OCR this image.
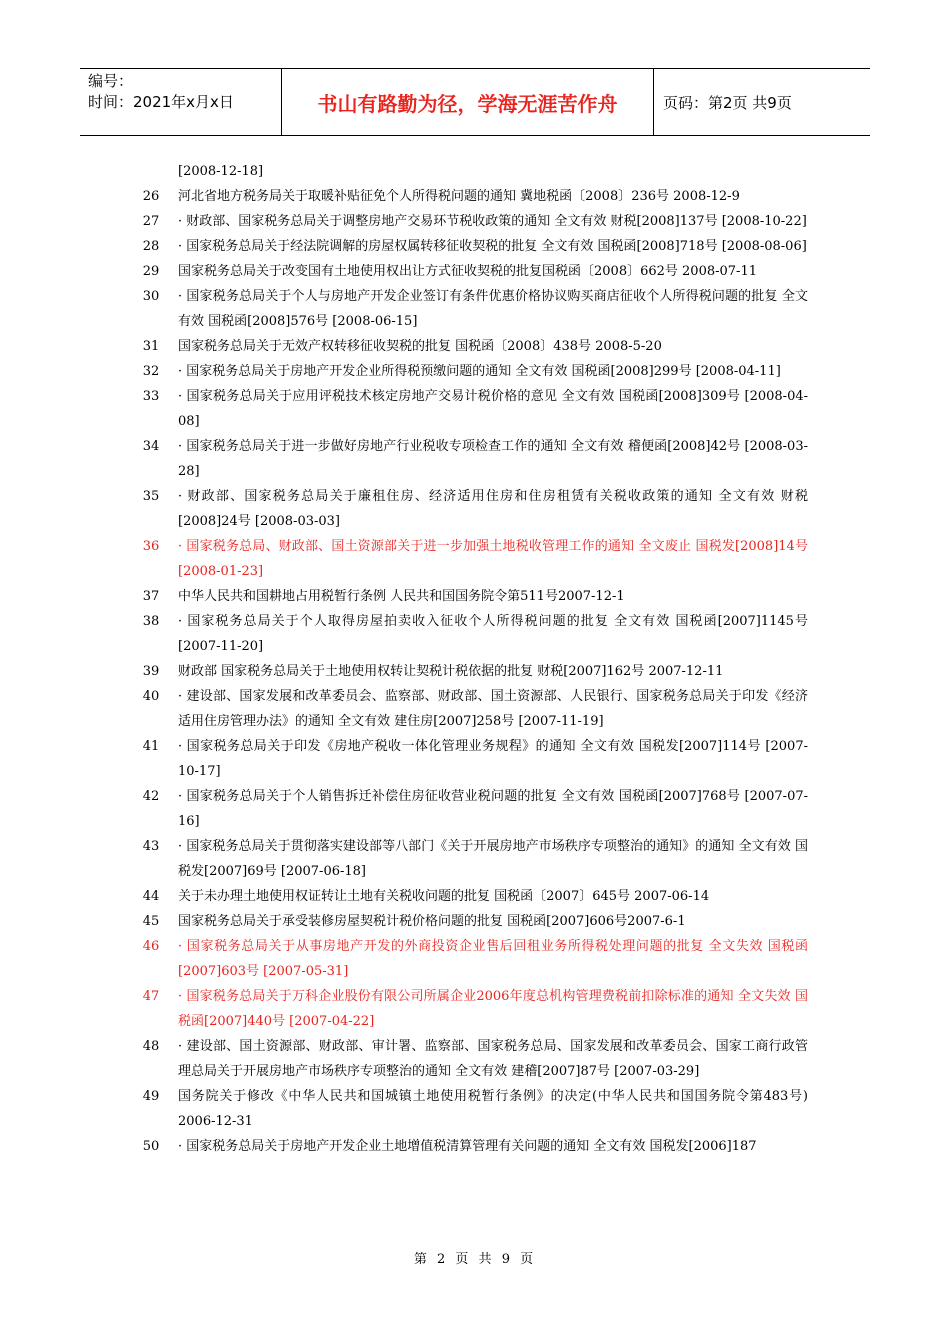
编号：
时间：2021年x月x日	书山有路勤为径，学海无涯苦作舟	页码：第2页 共9页
[2008-12-18]
26	河北省地方税务局关于取暖补贴征免个人所得税问题的通知 冀地税函〔2008〕236号 2008-12-9
27	· 财政部、国家税务总局关于调整房地产交易环节税收政策的通知 全文有效 财税[2008]137号 [2008-10-22]
28	· 国家税务总局关于经法院调解的房屋权属转移征收契税的批复 全文有效 国税函[2008]718号 [2008-08-06]
29	国家税务总局关于改变国有土地使用权出让方式征收契税的批复国税函〔2008〕662号 2008-07-11
30	· 国家税务总局关于个人与房地产开发企业签订有条件优惠价格协议购买商店征收个人所得税问题的批复 全文有效 国税函[2008]576号 [2008-06-15]
31	国家税务总局关于无效产权转移征收契税的批复 国税函〔2008〕438号 2008-5-20
32	· 国家税务总局关于房地产开发企业所得税预缴问题的通知 全文有效 国税函[2008]299号 [2008-04-11]
33	· 国家税务总局关于应用评税技术核定房地产交易计税价格的意见 全文有效 国税函[2008]309号 [2008-04-08]
34	· 国家税务总局关于进一步做好房地产行业税收专项检查工作的通知 全文有效 稽便函[2008]42号 [2008-03-28]
35	· 财政部、国家税务总局关于廉租住房、经济适用住房和住房租赁有关税收政策的通知 全文有效 财税[2008]24号 [2008-03-03]
36	· 国家税务总局、财政部、国土资源部关于进一步加强土地税收管理工作的通知 全文废止 国税发[2008]14号 [2008-01-23]
37	中华人民共和国耕地占用税暂行条例 人民共和国国务院令第511号2007-12-1
38	· 国家税务总局关于个人取得房屋拍卖收入征收个人所得税问题的批复 全文有效 国税函[2007]1145号 [2007-11-20]
39	财政部 国家税务总局关于土地使用权转让契税计税依据的批复 财税[2007]162号 2007-12-11
40	· 建设部、国家发展和改革委员会、监察部、财政部、国土资源部、人民银行、国家税务总局关于印发《经济适用住房管理办法》的通知 全文有效 建住房[2007]258号 [2007-11-19]
41	· 国家税务总局关于印发《房地产税收一体化管理业务规程》的通知 全文有效 国税发[2007]114号 [2007-10-17]
42	· 国家税务总局关于个人销售拆迁补偿住房征收营业税问题的批复 全文有效 国税函[2007]768号 [2007-07-16]
43	· 国家税务总局关于贯彻落实建设部等八部门《关于开展房地产市场秩序专项整治的通知》的通知 全文有效 国税发[2007]69号 [2007-06-18]
44	关于未办理土地使用权证转让土地有关税收问题的批复 国税函〔2007〕645号 2007-06-14
45	国家税务总局关于承受装修房屋契税计税价格问题的批复 国税函[2007]606号2007-6-1
46	· 国家税务总局关于从事房地产开发的外商投资企业售后回租业务所得税处理问题的批复 全文失效 国税函[2007]603号 [2007-05-31]
47	· 国家税务总局关于万科企业股份有限公司所属企业2006年度总机构管理费税前扣除标准的通知 全文失效 国税函[2007]440号 [2007-04-22]
48	· 建设部、国土资源部、财政部、审计署、监察部、国家税务总局、国家发展和改革委员会、国家工商行政管理总局关于开展房地产市场秩序专项整治的通知 全文有效 建稽[2007]87号 [2007-03-29]
49	国务院关于修改《中华人民共和国城镇土地使用税暂行条例》的决定(中华人民共和国国务院令第483号) 2006-12-31
50	· 国家税务总局关于房地产开发企业土地增值税清算管理有关问题的通知 全文有效 国税发[2006]187
第 2 页 共 9 页
